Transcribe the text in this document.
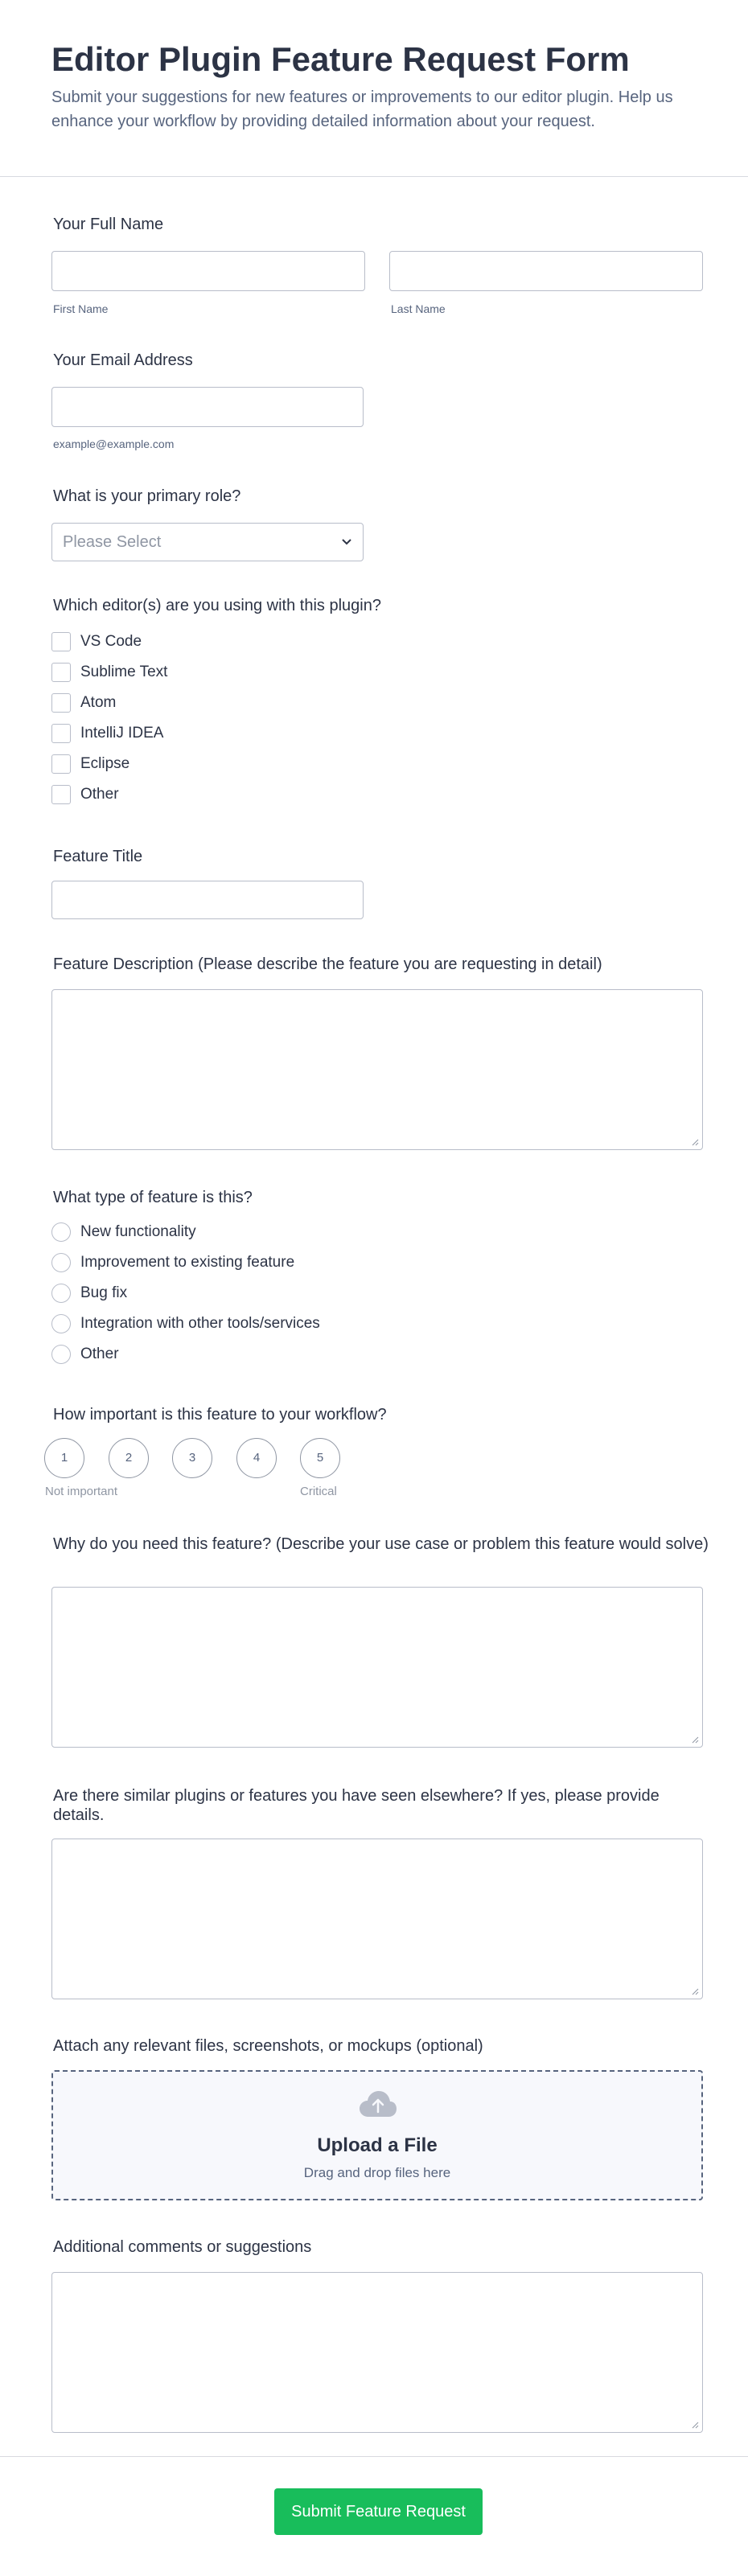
Editor Plugin Feature Request Form

Submit your suggestions for new features or improvements to our editor plugin. Help us enhance your workflow by providing detailed information about your request.

Your Full Name
First Name	Last Name
Your Email Address
example@example.com
What is your primary role?
Please Select
Which editor(s) are you using with this plugin?
VS Code
Sublime Text
Atom
IntelliJ IDEA
Eclipse
Other
Feature Title
Feature Description (Please describe the feature you are requesting in detail)
What type of feature is this?
New functionality
Improvement to existing feature
Bug fix
Integration with other tools/services
Other
How important is this feature to your workflow?
1	2	3	4	5
Not important	Critical
Why do you need this feature? (Describe your use case or problem this feature would solve)
Are there similar plugins or features you have seen elsewhere? If yes, please provide details.
Attach any relevant files, screenshots, or mockups (optional)
Upload a File
Drag and drop files here
Additional comments or suggestions
Submit Feature Request
